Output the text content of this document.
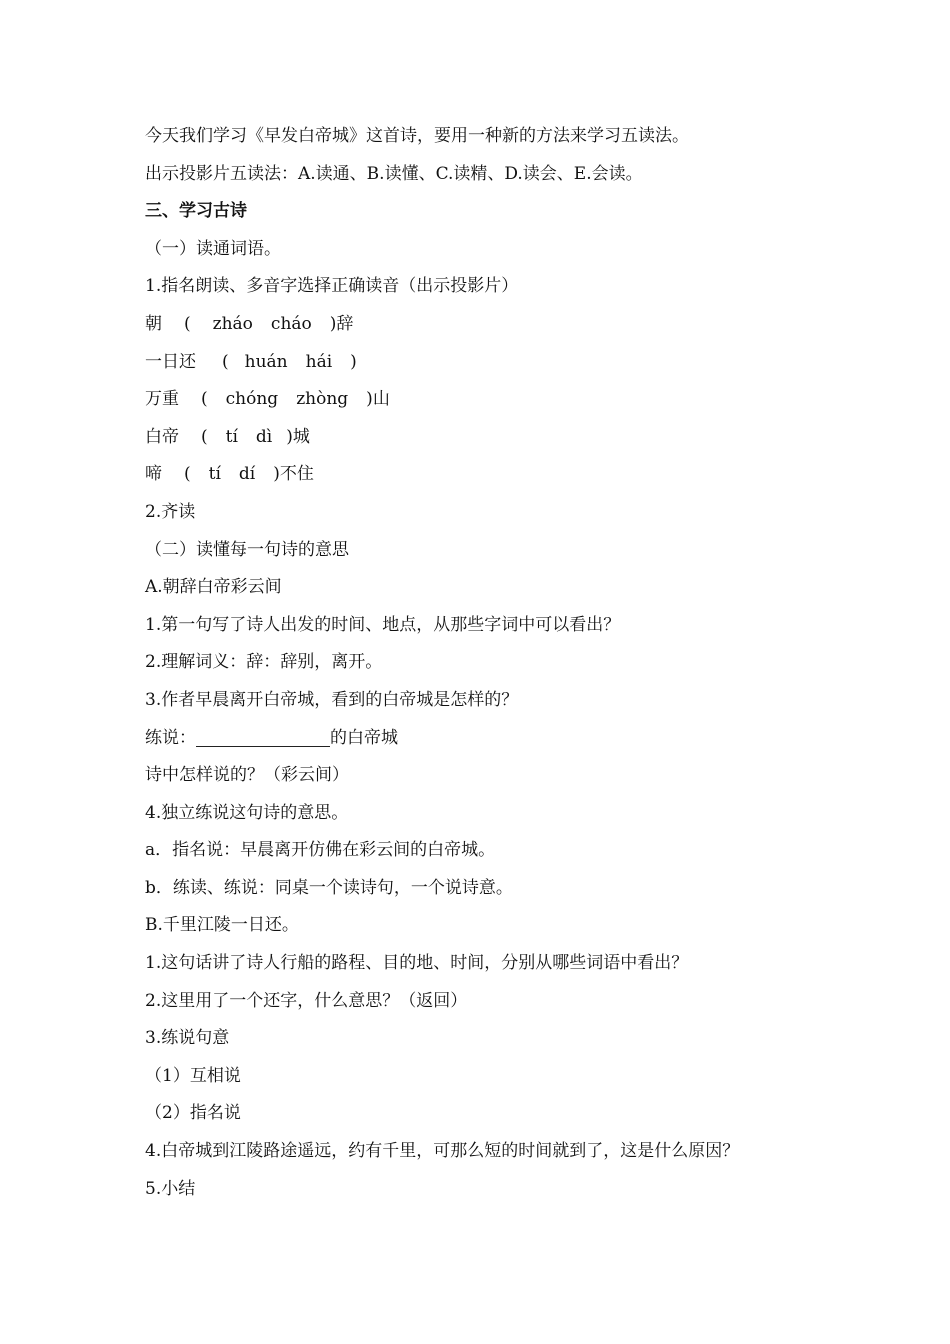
今天我们学习《早发白帝城》这首诗，要用一种新的方法来学习五读法。
出示投影片五读法：A.读通、B.读懂、C.读精、D.读会、E.会读。
三、学习古诗
（一）读通词语。
1.指名朗读、多音字选择正确读音（出示投影片）
朝 ( zháo cháo )辞
一日还 ( huán hái )
万重 ( chóng zhòng )山
白帝 ( tí dì )城
啼 ( tí dí )不住
2.齐读
（二）读懂每一句诗的意思
A.朝辞白帝彩云间
1.第一句写了诗人出发的时间、地点，从那些字词中可以看出？
2.理解词义：辞：辞别，离开。
3.作者早晨离开白帝城，看到的白帝城是怎样的？
练说：	的白帝城
诗中怎样说的？（彩云间）
4.独立练说这句诗的意思。
a．指名说：早晨离开仿佛在彩云间的白帝城。
b．练读、练说：同桌一个读诗句，一个说诗意。
B.千里江陵一日还。
1.这句话讲了诗人行船的路程、目的地、时间，分别从哪些词语中看出？
2.这里用了一个还字，什么意思？（返回）
3.练说句意
（1）互相说
（2）指名说
4.白帝城到江陵路途遥远，约有千里，可那么短的时间就到了，这是什么原因？
5.小结
